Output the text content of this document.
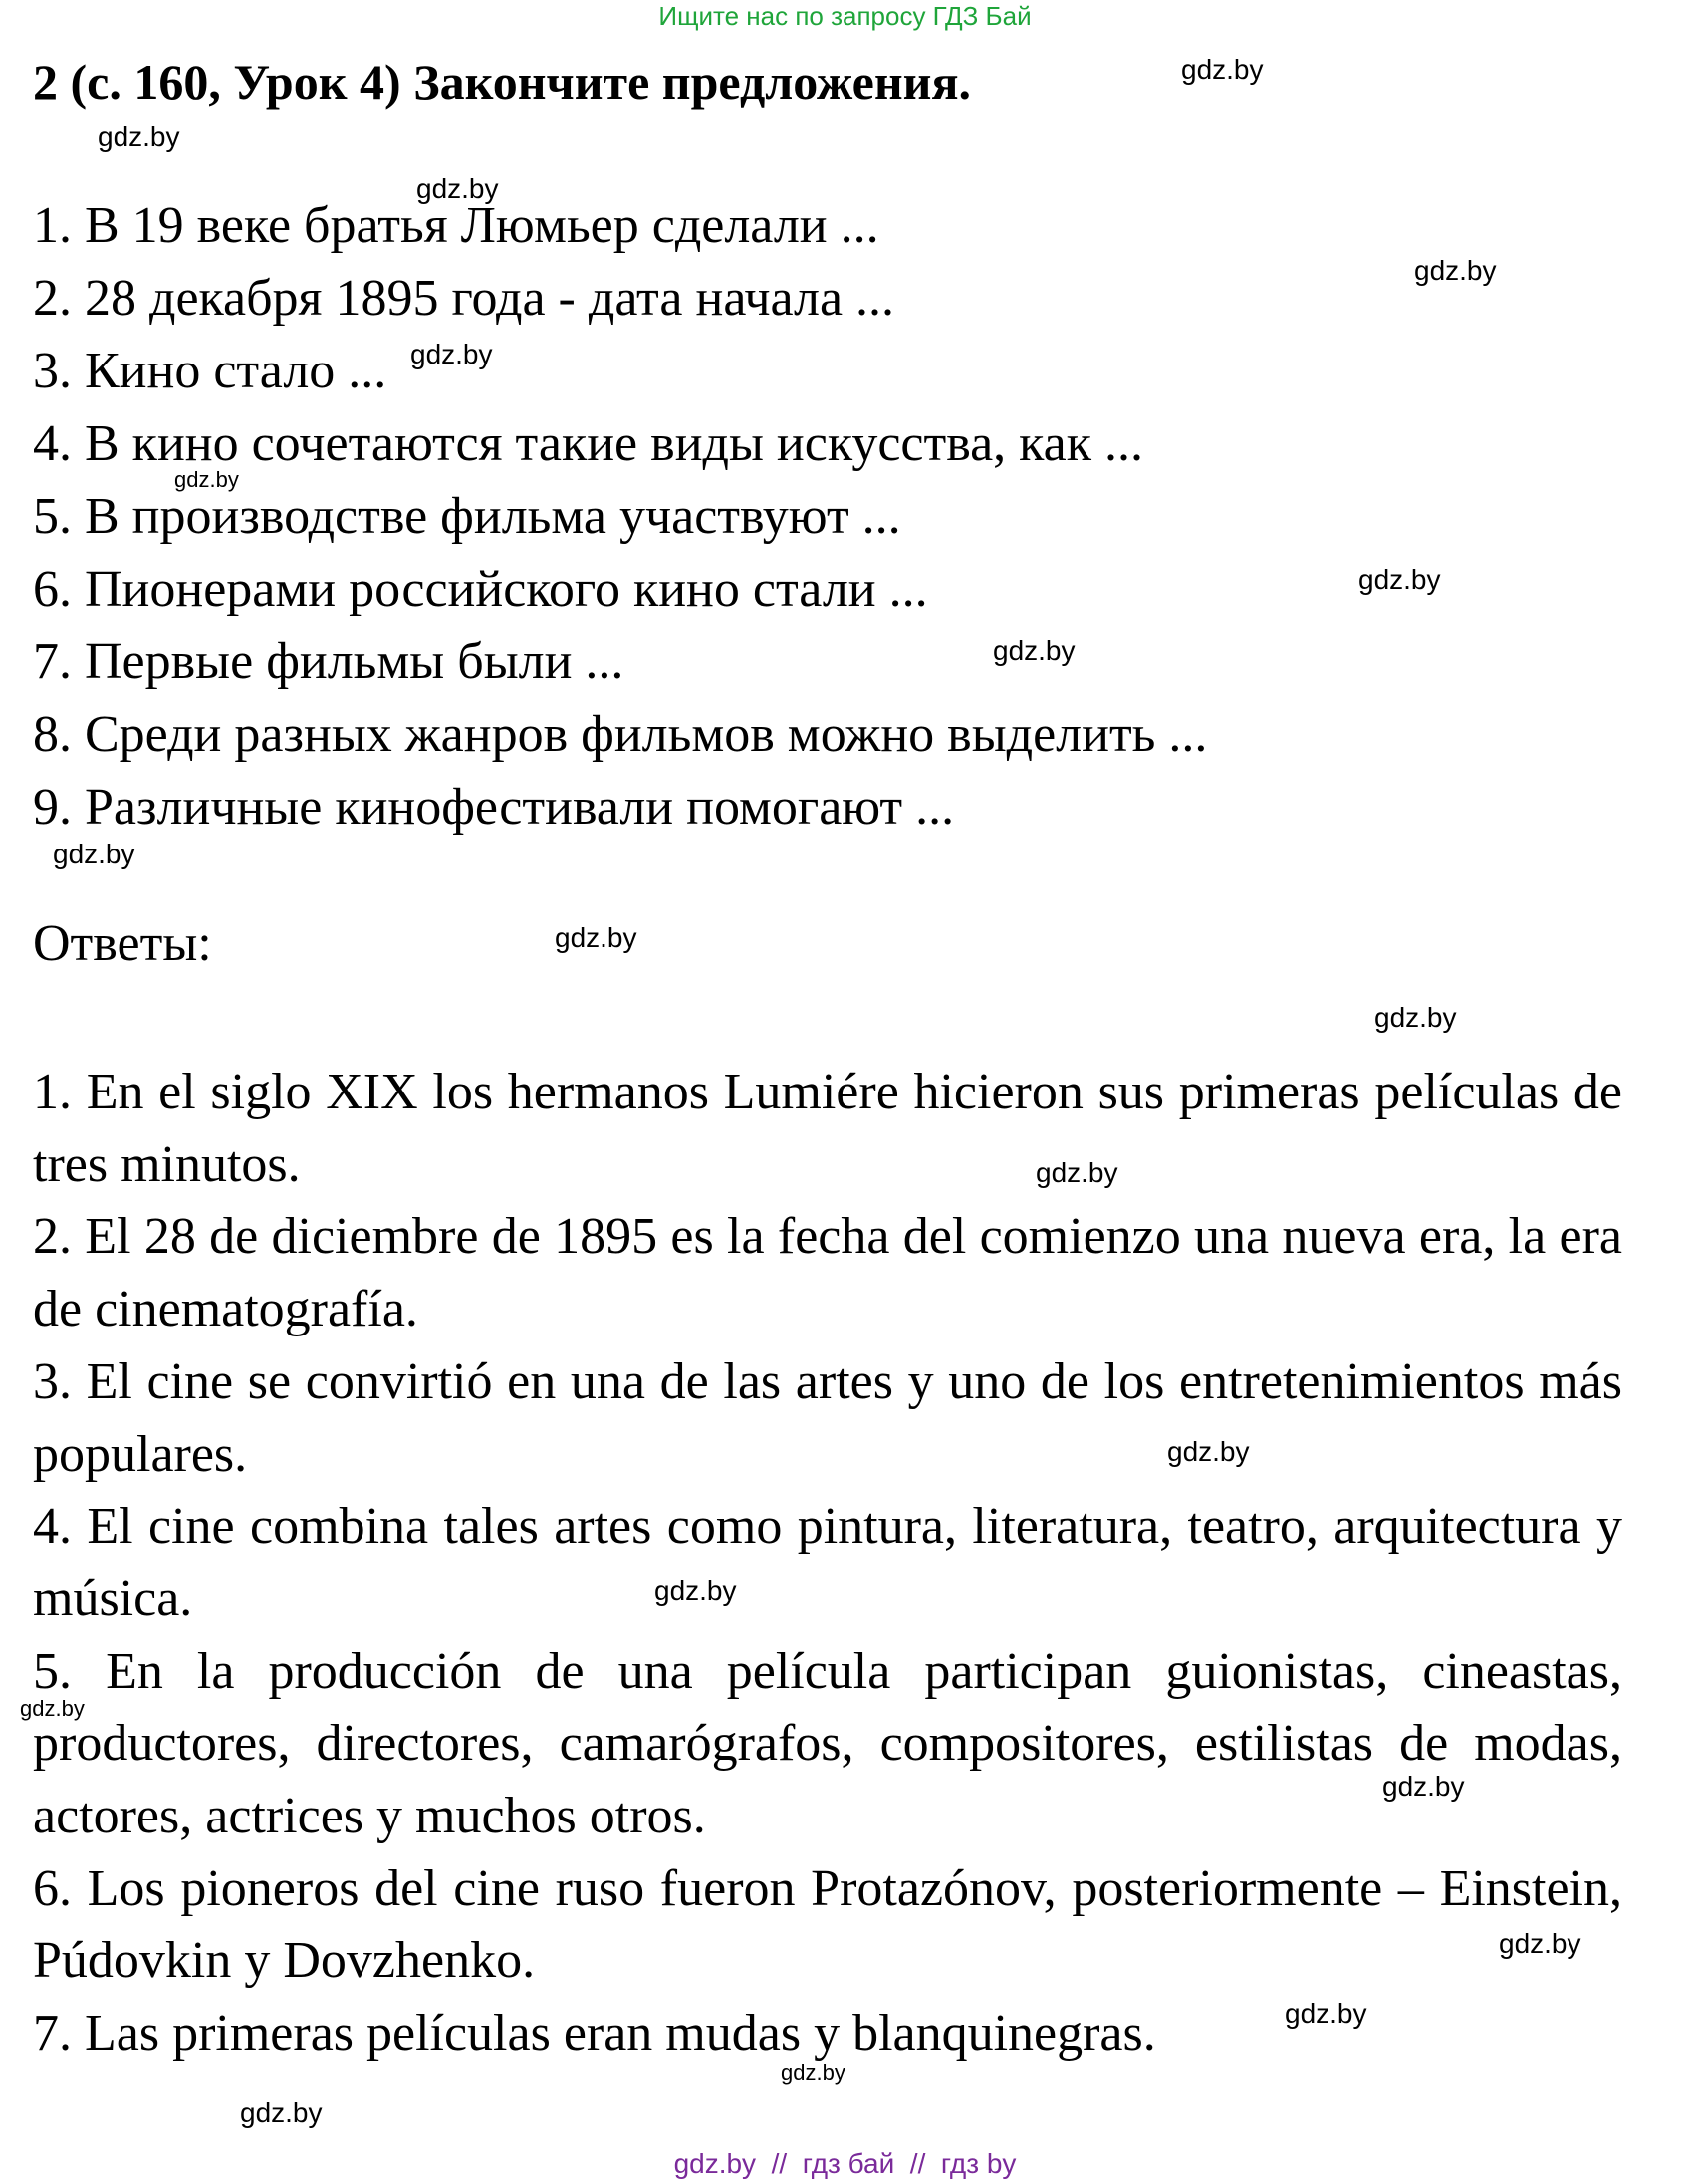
Ищите нас по запросу ГДЗ Бай
2 (с. 160, Урок 4) Закончите предложения.
1. В 19 веке братья Люмьер сделали ...
2. 28 декабря 1895 года - дата начала ...
3. Кино стало ...
4. В кино сочетаются такие виды искусства, как ...
5. В производстве фильма участвуют ...
6. Пионерами российского кино стали ...
7. Первые фильмы были ...
8. Среди разных жанров фильмов можно выделить ...
9. Различные кинофестивали помогают ...
Ответы:

1. En el siglo XIX los hermanos Lumiére hicieron sus primeras películas de tres minutos.

2. El 28 de diciembre de 1895 es la fecha del comienzo una nueva era, la era de cinematografía.

3. El cine se convirtió en una de las artes y uno de los entretenimientos más populares.

4. El cine combina tales artes como pintura, literatura, teatro, arquitectura y música.

5. En la producción de una película participan guionistas, cineastas, productores, directores, camarógrafos, compositores, estilistas de modas, actores, actrices y muchos otros.

6. Los pioneros del cine ruso fueron Protazónov, posteriormente – Einstein, Púdovkin y Dovzhenko.

7. Las primeras películas eran mudas y blanquinegras.

gdz.by
gdz.by
gdz.by
gdz.by
gdz.by
gdz.by
gdz.by
gdz.by
gdz.by
gdz.by
gdz.by
gdz.by
gdz.by
gdz.by
gdz.by
gdz.by
gdz.by
gdz.by
gdz.by
gdz.by
gdz.by  //  гдз бай  //  гдз by
